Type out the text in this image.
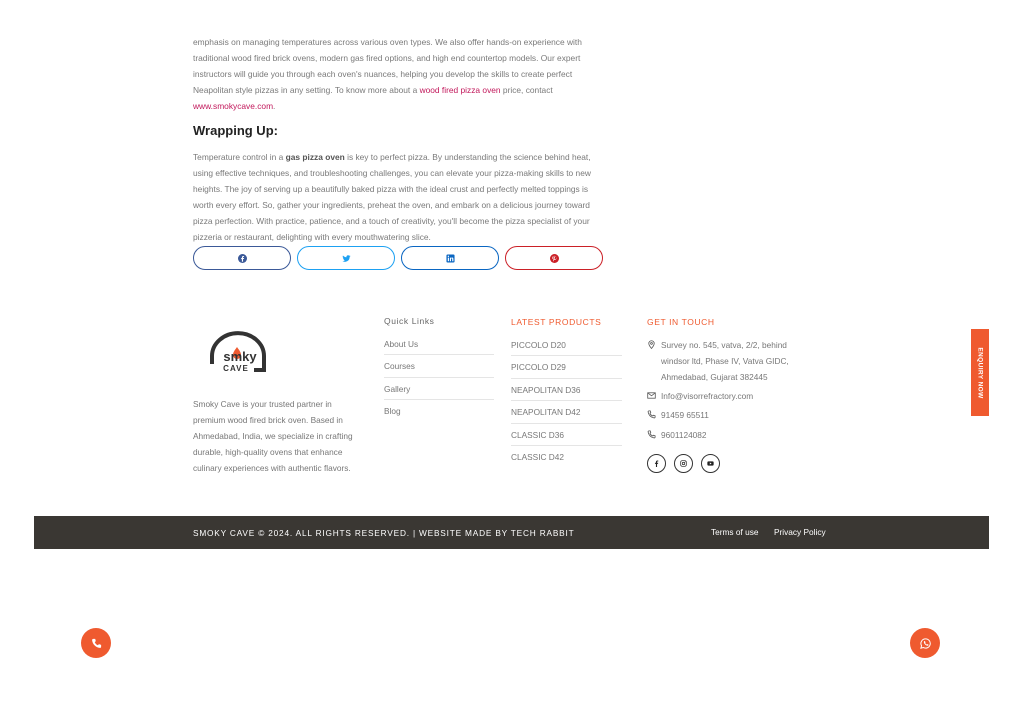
emphasis on managing temperatures across various oven types. We also offer hands-on experience with traditional wood fired brick ovens, modern gas fired options, and high end countertop models. Our expert instructors will guide you through each oven's nuances, helping you develop the skills to create perfect Neapolitan style pizzas in any setting. To know more about a wood fired pizza oven price, contact www.smokycave.com.

Wrapping Up:

Temperature control in a gas pizza oven is key to perfect pizza. By understanding the science behind heat, using effective techniques, and troubleshooting challenges, you can elevate your pizza-making skills to new heights. The joy of serving up a beautifully baked pizza with the ideal crust and perfectly melted toppings is worth every effort. So, gather your ingredients, preheat the oven, and embark on a delicious journey toward pizza perfection. With practice, patience, and a touch of creativity, you'll become the pizza specialist of your pizzeria or restaurant, delighting with every mouthwatering slice.

smky
CAVE

Smoky Cave is your trusted partner in premium wood fired brick oven. Based in Ahmedabad, India, we specialize in crafting durable, high-quality ovens that enhance culinary experiences with authentic flavors.

Quick Links
About Us
Courses
Gallery
Blog
LATEST PRODUCTS
PICCOLO D20
PICCOLO D29
NEAPOLITAN D36
NEAPOLITAN D42
CLASSIC D36
CLASSIC D42
GET IN TOUCH
Survey no. 545, vatva, 2/2, behind windsor ltd, Phase IV, Vatva GIDC, Ahmedabad, Gujarat 382445
Info@visorrefractory.com
91459 65511
9601124082
ENQUIRY NOW
SMOKY CAVE © 2024. ALL RIGHTS RESERVED. | WEBSITE MADE BY TECH RABBIT	Terms of use Privacy Policy
